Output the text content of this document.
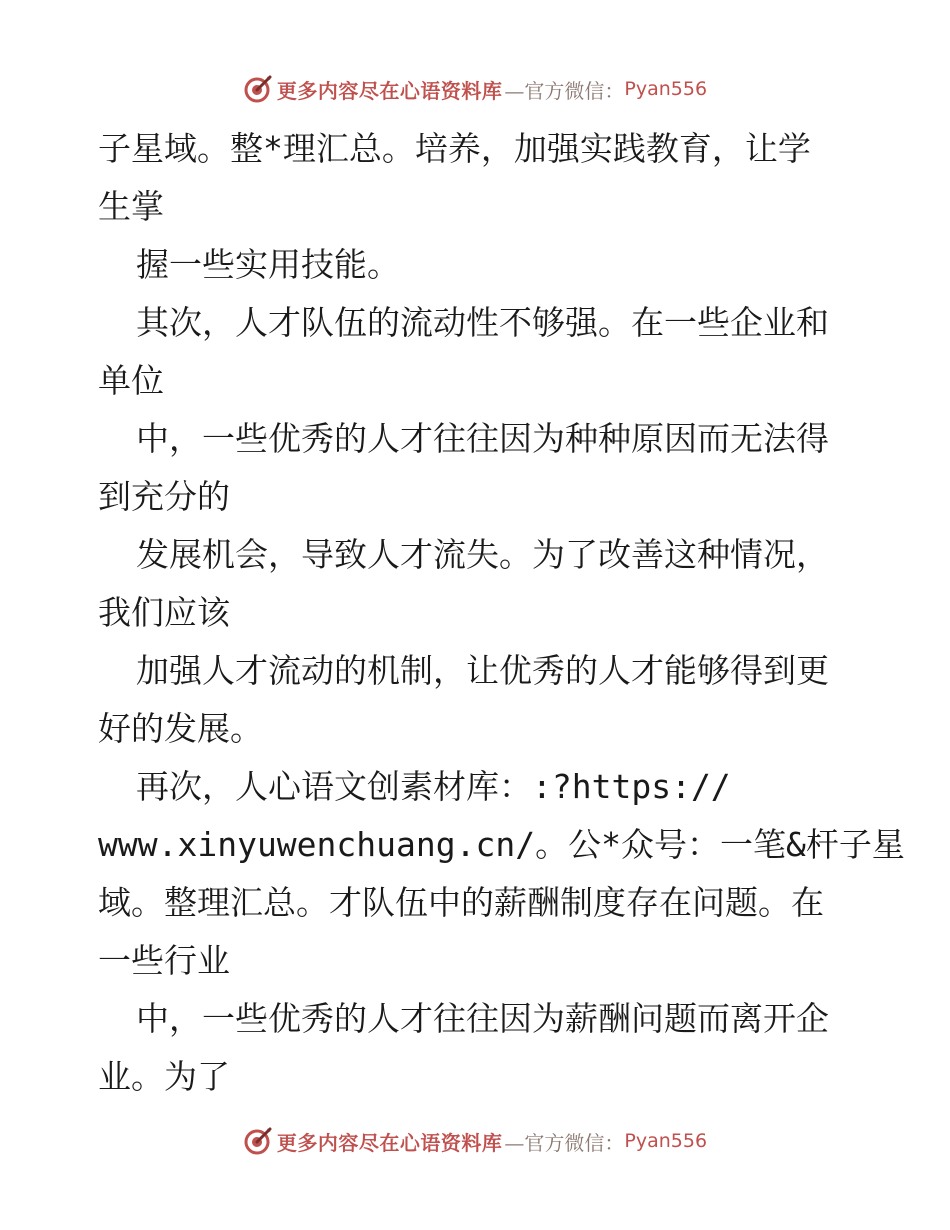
更多内容尽在心语资料库 —官方微信： Pyan556
子星域。整*理汇总。培养，加强实践教育，让学
生掌
握一些实用技能。
其次，人才队伍的流动性不够强。在一些企业和
单位
中，一些优秀的人才往往因为种种原因而无法得
到充分的
发展机会，导致人才流失。为了改善这种情况，
我们应该
加强人才流动的机制，让优秀的人才能够得到更
好的发展。
再次，人心语文创素材库：:?https://
www.xinyuwenchuang.cn/。公*众号：一笔&杆子星
域。整理汇总。才队伍中的薪酬制度存在问题。在
一些行业
中，一些优秀的人才往往因为薪酬问题而离开企
业。为了
更多内容尽在心语资料库 —官方微信： Pyan556
